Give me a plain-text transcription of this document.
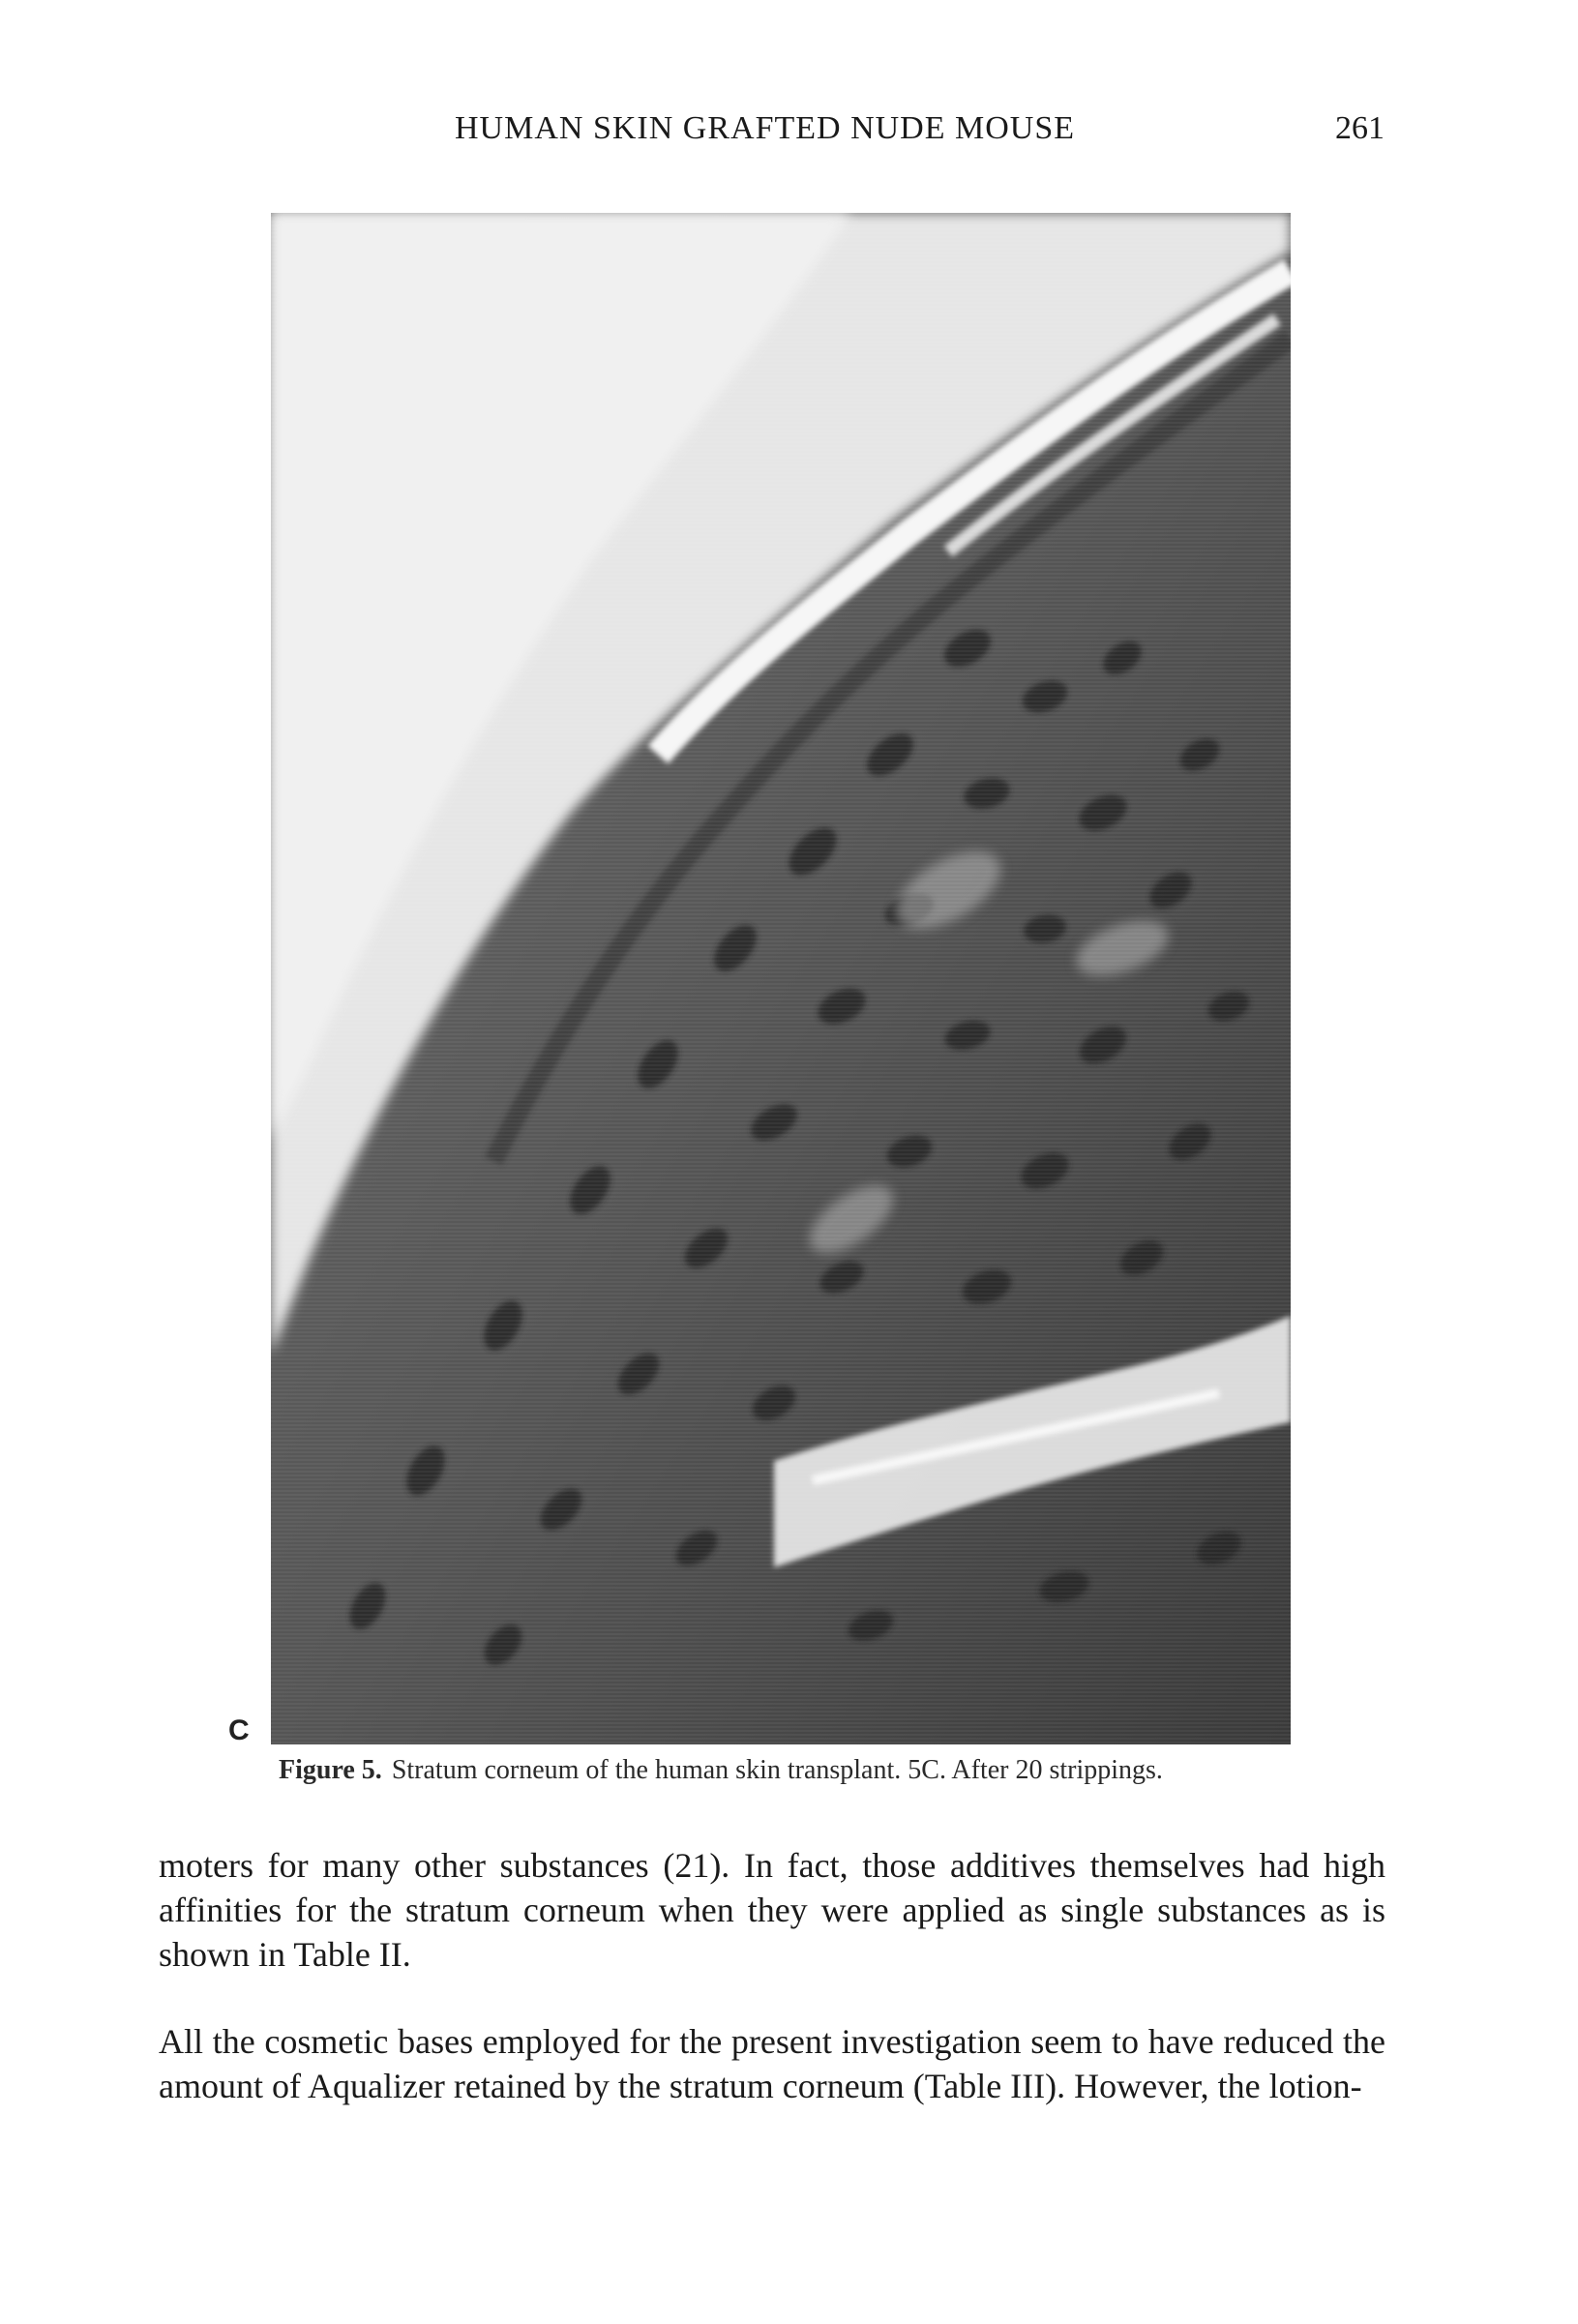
HUMAN SKIN GRAFTED NUDE MOUSE	261
C
Figure 5. Stratum corneum of the human skin transplant. 5C. After 20 strippings.

moters for many other substances (21). In fact, those additives themselves had high affinities for the stratum corneum when they were applied as single substances as is shown in Table II.

All the cosmetic bases employed for the present investigation seem to have reduced the amount of Aqualizer retained by the stratum corneum (Table III). However, the lotion-
